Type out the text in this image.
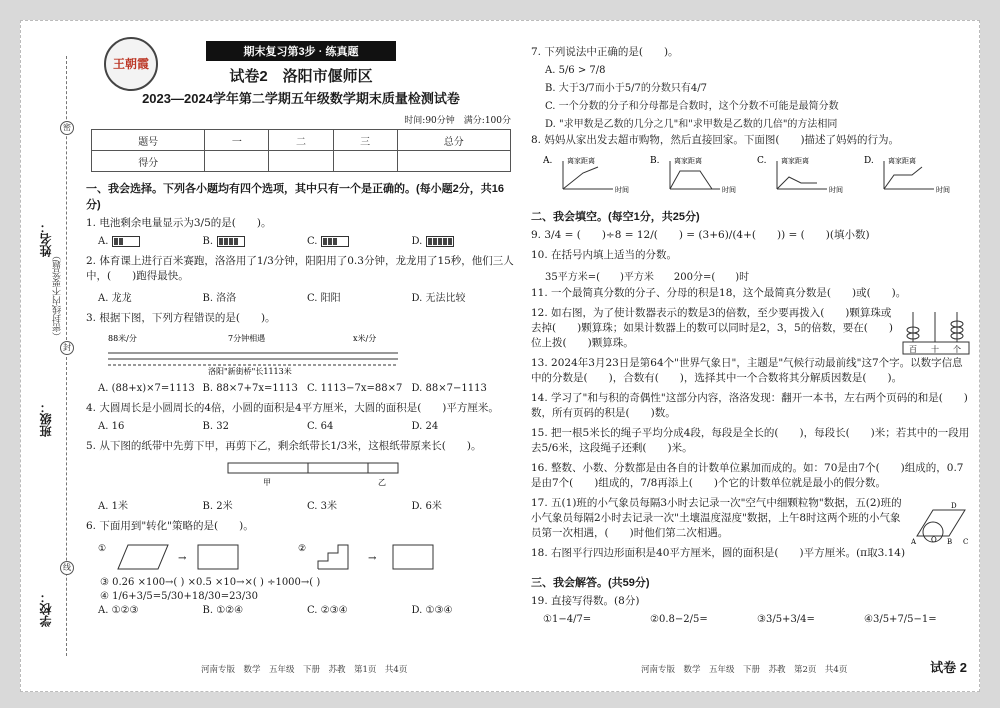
密
封
线
姓名：
（密封线内不要答题）
班级：
学校：
王朝霞
期末复习第3步 · 练真题
试卷2　洛阳市偃师区
2023—2024学年第二学期五年级数学期末质量检测试卷
时间:90分钟　满分:100分
题号	一	二	三	总分
得分				
一、我会选择。下列各小题均有四个选项，其中只有一个是正确的。(每小题2分，共16分)
1. 电池剩余电量显示为3/5的是(　　)。
A.	B.	C.	D.
2. 体育课上进行百米赛跑，洛洛用了1/3分钟，阳阳用了0.3分钟，龙龙用了15秒，他们三人中，(　　)跑得最快。
A. 龙龙	B. 洛洛	C. 阳阳	D. 无法比较
3. 根据下图，下列方程错误的是(　　)。
88米/分	7分钟相遇	x米/分
洛阳"新街桥"长1113米
A. (88+x)×7=1113 B. 88×7+7x=1113 C. 1113−7x=88×7 D. 88×7−1113
4. 大圆周长是小圆周长的4倍，小圆的面积是4平方厘米，大圆的面积是(　　)平方厘米。
A. 16	B. 32	C. 64	D. 24
5. 从下图的纸带中先剪下甲，再剪下乙，剩余纸带长1/3米，这根纸带原来长(　　)。
甲	乙
A. 1米	B. 2米	C. 3米	D. 6米
6. 下面用到"转化"策略的是(　　)。
①
→
②
→
③ 0.26 ×100→( ) ×0.5 ×10→×( ) ÷1000→( )
④ 1/6+3/5=5/30+18/30=23/30
A. ①②③	B. ①②④	C. ②③④	D. ①③④
河南专版　数学　五年级　下册　苏教　第1页　共4页
7. 下列说法中正确的是(　　)。
A. 5/6 > 7/8
B. 大于3/7而小于5/7的分数只有4/7
C. 一个分数的分子和分母都是合数时，这个分数不可能是最简分数
D. "求甲数是乙数的几分之几"和"求甲数是乙数的几倍"的方法相同
8. 妈妈从家出发去超市购物，然后直接回家。下面图(　　)描述了妈妈的行为。
A. 离家距离
时间
B. 离家距离
时间
C. 离家距离
时间
D. 离家距离
时间
二、我会填空。(每空1分，共25分)
9. 3/4 = (　　)÷8 = 12/(　　) = (3+6)/(4+(　　)) = (　　)(填小数)
10. 在括号内填上适当的分数。
35平方米=(　　)平方米　　200分=(　　)时
11. 一个最简真分数的分子、分母的积是18，这个最简真分数是(　　)或(　　)。
12. 如右图，为了使计数器表示的数是3的倍数，至少要再拨入(　　)颗算珠或去掉(　　)颗算珠；如果计数器上的数可以同时是2，3，5的倍数，要在(　　)位上拨(　　)颗算珠。
百 十 个
13. 2024年3月23日是第64个"世界气象日"，主题是"气候行动最前线"这7个字。以数字信息中的分数是(　　)，合数有(　　)，选择其中一个合数将其分解质因数是(　　)。
14. 学习了"和与积的奇偶性"这部分内容，洛洛发现：翻开一本书，左右两个页码的和是(　　)数，所有页码的积是(　　)数。
15. 把一根5米长的绳子平均分成4段，每段是全长的(　　)，每段长(　　)米；若其中的一段用去5/6米，这段绳子还剩(　　)米。
16. 整数、小数、分数都是由各自的计数单位累加而成的。如：70是由7个(　　)组成的，0.7是由7个(　　)组成的，7/8再添上(　　)个它的计数单位就是最小的假分数。
17. 五(1)班的小气象员每隔3小时去记录一次"空气中细颗粒物"数据，五(2)班的小气象员每隔2小时去记录一次"土壤温度湿度"数据，上午8时这两个班的小气象员第一次相遇，(　　)时他们第二次相遇。
18. 右图平行四边形面积是40平方厘米，圆的面积是(　　)平方厘米。(π取3.14)
D
A	B C
O
三、我会解答。(共59分)
19. 直接写得数。(8分)
①1−4/7=	②0.8−2/5=	③3/5+3/4=	④3/5+7/5−1=
河南专版　数学　五年级　下册　苏教　第2页　共4页	试卷 2
